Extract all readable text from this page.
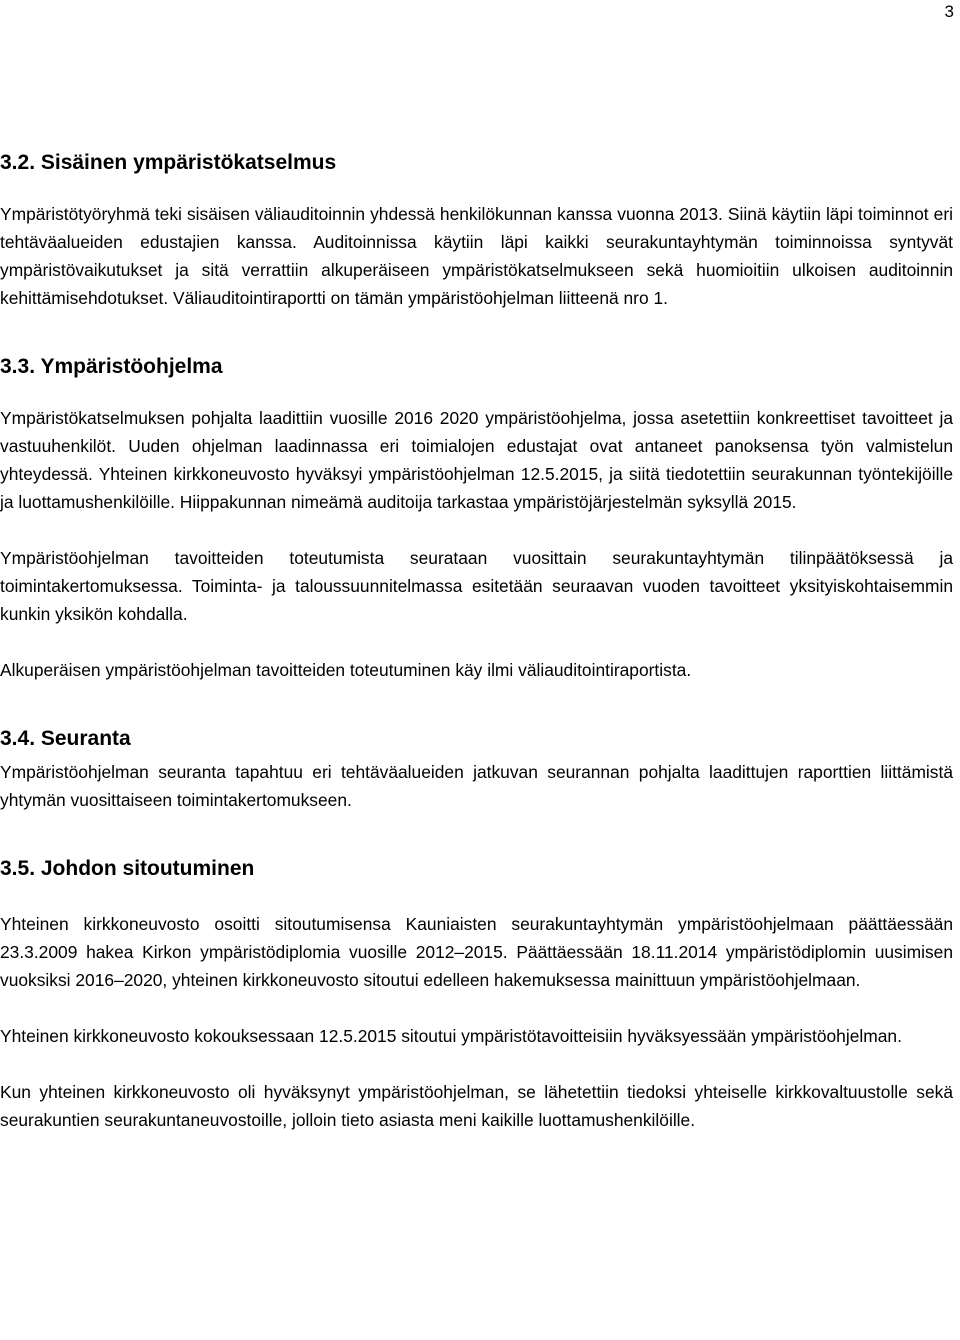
3
3.2. Sisäinen ympäristökatselmus

Ympäristötyöryhmä teki sisäisen väliauditoinnin yhdessä henkilökunnan kanssa vuonna 2013. Siinä käytiin läpi toiminnot eri tehtäväalueiden edustajien kanssa. Auditoinnissa käytiin läpi kaikki seurakuntayhtymän toiminnoissa syntyvät ympäristövaikutukset ja sitä verrattiin alkuperäiseen ympäristökatselmukseen sekä huomioitiin ulkoisen auditoinnin kehittämisehdotukset. Väliauditointiraportti on tämän ympäristöohjelman liitteenä nro 1.

3.3. Ympäristöohjelma

Ympäristökatselmuksen pohjalta laadittiin vuosille 2016 2020 ympäristöohjelma, jossa asetettiin konkreettiset tavoitteet ja vastuuhenkilöt. Uuden ohjelman laadinnassa eri toimialojen edustajat ovat antaneet panoksensa työn valmistelun yhteydessä. Yhteinen kirkkoneuvosto hyväksyi ympäristöohjelman 12.5.2015, ja siitä tiedotettiin seurakunnan työntekijöille ja luottamushenkilöille. Hiippakunnan nimeämä auditoija tarkastaa ympäristöjärjestelmän syksyllä 2015.

Ympäristöohjelman tavoitteiden toteutumista seurataan vuosittain seurakuntayhtymän tilinpäätöksessä ja toimintakertomuksessa. Toiminta- ja taloussuunnitelmassa esitetään seuraavan vuoden tavoitteet yksityiskohtaisemmin kunkin yksikön kohdalla.

Alkuperäisen ympäristöohjelman tavoitteiden toteutuminen käy ilmi väliauditointiraportista.

3.4. Seuranta

Ympäristöohjelman seuranta tapahtuu eri tehtäväalueiden jatkuvan seurannan pohjalta laadittujen raporttien liittämistä yhtymän vuosittaiseen toimintakertomukseen.

3.5. Johdon sitoutuminen

Yhteinen kirkkoneuvosto osoitti sitoutumisensa Kauniaisten seurakuntayhtymän ympäristöohjelmaan päättäessään 23.3.2009 hakea Kirkon ympäristödiplomia vuosille 2012–2015. Päättäessään 18.11.2014 ympäristödiplomin uusimisen vuoksiksi 2016–2020, yhteinen kirkkoneuvosto sitoutui edelleen hakemuksessa mainittuun ympäristöohjelmaan.

Yhteinen kirkkoneuvosto kokouksessaan 12.5.2015 sitoutui ympäristötavoitteisiin hyväksyessään ympäristöohjelman.

Kun yhteinen kirkkoneuvosto oli hyväksynyt ympäristöohjelman, se lähetettiin tiedoksi yhteiselle kirkkovaltuustolle sekä seurakuntien seurakuntaneuvostoille, jolloin tieto asiasta meni kaikille luottamushenkilöille.
